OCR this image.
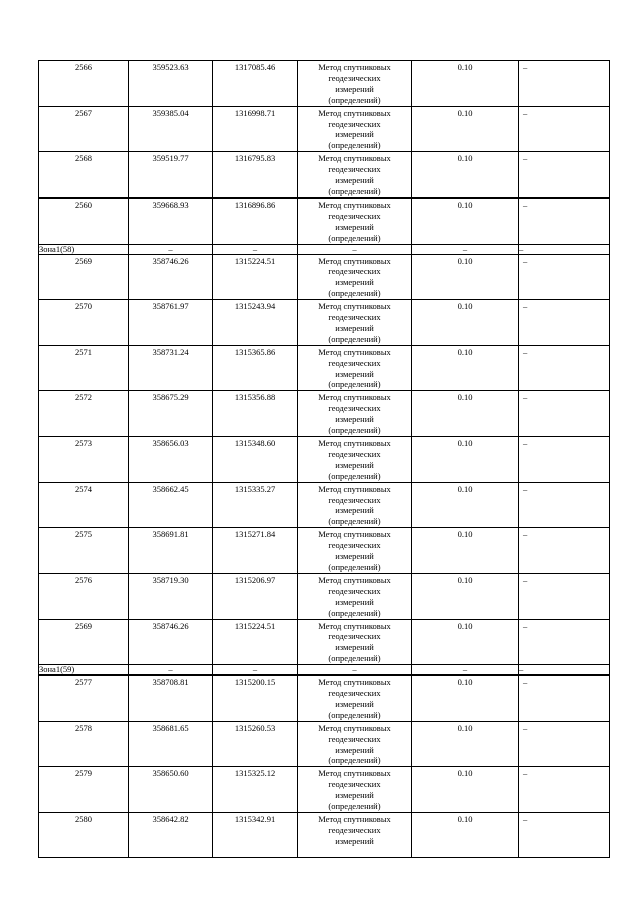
2566	359523.63	1317085.46	Метод спутниковых
геодезических
измерений
(определений)	0.10	–
2567	359385.04	1316998.71	Метод спутниковых
геодезических
измерений
(определений)	0.10	–
2568	359519.77	1316795.83	Метод спутниковых
геодезических
измерений
(определений)	0.10	–
2560	359668.93	1316896.86	Метод спутниковых
геодезических
измерений
(определений)	0.10	–
Зона1(58)	–	–	–	–	–
2569	358746.26	1315224.51	Метод спутниковых
геодезических
измерений
(определений)	0.10	–
2570	358761.97	1315243.94	Метод спутниковых
геодезических
измерений
(определений)	0.10	–
2571	358731.24	1315365.86	Метод спутниковых
геодезических
измерений
(определений)	0.10	–
2572	358675.29	1315356.88	Метод спутниковых
геодезических
измерений
(определений)	0.10	–
2573	358656.03	1315348.60	Метод спутниковых
геодезических
измерений
(определений)	0.10	–
2574	358662.45	1315335.27	Метод спутниковых
геодезических
измерений
(определений)	0.10	–
2575	358691.81	1315271.84	Метод спутниковых
геодезических
измерений
(определений)	0.10	–
2576	358719.30	1315206.97	Метод спутниковых
геодезических
измерений
(определений)	0.10	–
2569	358746.26	1315224.51	Метод спутниковых
геодезических
измерений
(определений)	0.10	–
Зона1(59)	–	–	–	–	–
2577	358708.81	1315200.15	Метод спутниковых
геодезических
измерений
(определений)	0.10	–
2578	358681.65	1315260.53	Метод спутниковых
геодезических
измерений
(определений)	0.10	–
2579	358650.60	1315325.12	Метод спутниковых
геодезических
измерений
(определений)	0.10	–
2580	358642.82	1315342.91	Метод спутниковых
геодезических
измерений	0.10	–
